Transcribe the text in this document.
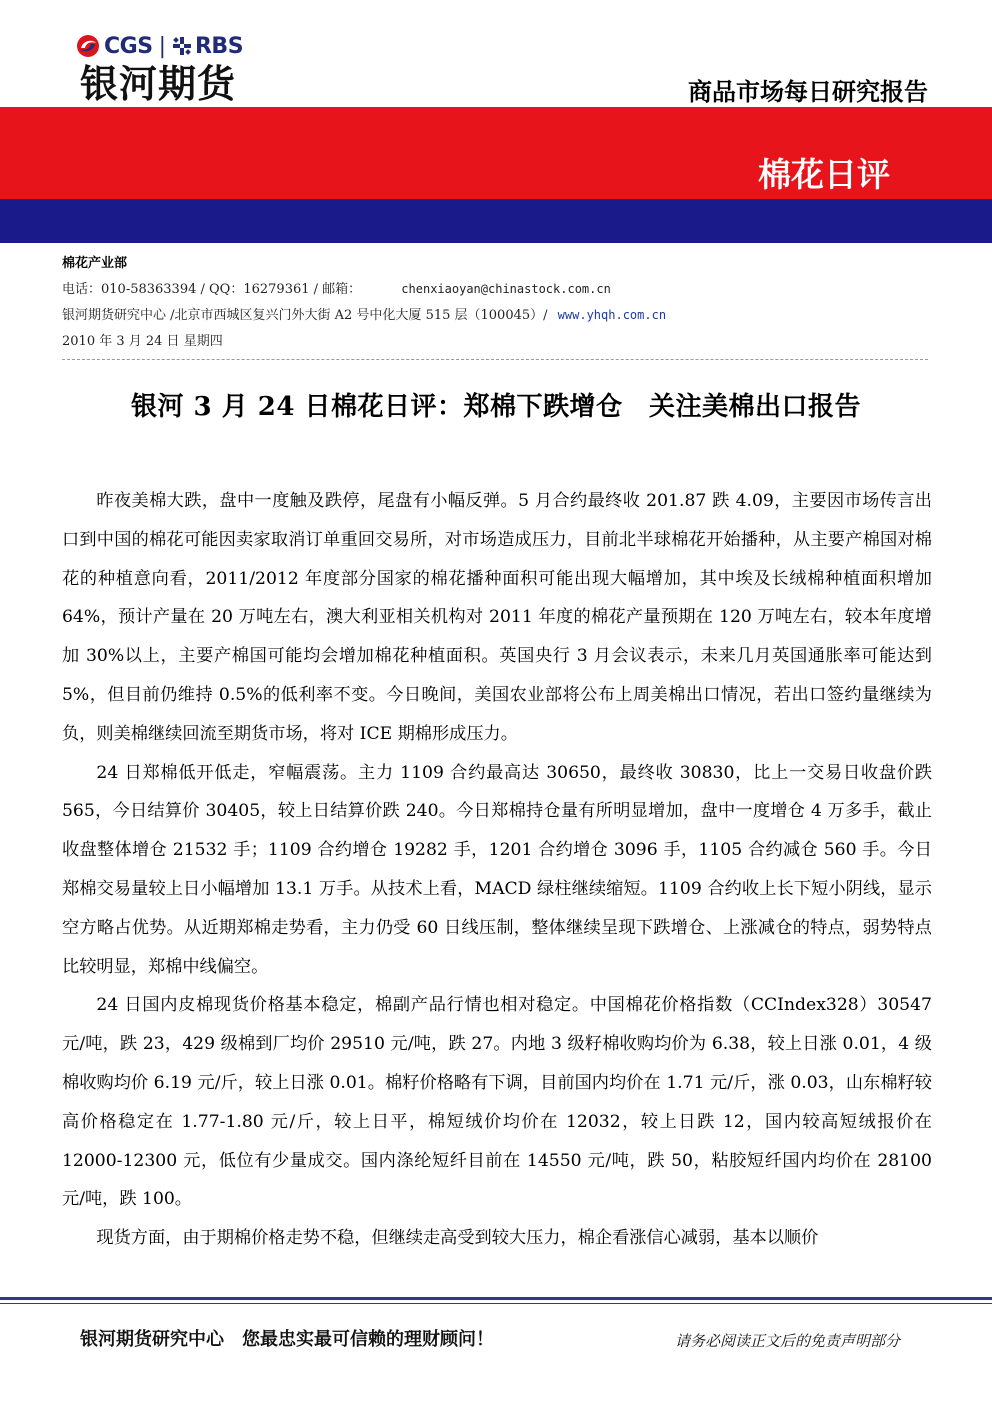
CGS | RBS
银河期货	商品市场每日研究报告
棉花日评
棉花产业部
电话：010-58363394 / QQ：16279361 / 邮箱：	chenxiaoyan@chinastock.com.cn
银河期货研究中心 /北京市西城区复兴门外大街 A2 号中化大厦 515 层（100045）/ www.yhqh.com.cn
2010 年 3 月 24 日 星期四
银河 3 月 24 日棉花日评：郑棉下跌增仓　关注美棉出口报告

昨夜美棉大跌，盘中一度触及跌停，尾盘有小幅反弹。5 月合约最终收 201.87 跌 4.09，主要因市场传言出口到中国的棉花可能因卖家取消订单重回交易所，对市场造成压力，目前北半球棉花开始播种，从主要产棉国对棉花的种植意向看，2011/2012 年度部分国家的棉花播种面积可能出现大幅增加，其中埃及长绒棉种植面积增加 64%，预计产量在 20 万吨左右，澳大利亚相关机构对 2011 年度的棉花产量预期在 120 万吨左右，较本年度增加 30%以上，主要产棉国可能均会增加棉花种植面积。英国央行 3 月会议表示，未来几月英国通胀率可能达到 5%，但目前仍维持 0.5%的低利率不变。今日晚间，美国农业部将公布上周美棉出口情况，若出口签约量继续为负，则美棉继续回流至期货市场，将对 ICE 期棉形成压力。

24 日郑棉低开低走，窄幅震荡。主力 1109 合约最高达 30650，最终收 30830，比上一交易日收盘价跌 565，今日结算价 30405，较上日结算价跌 240。今日郑棉持仓量有所明显增加，盘中一度增仓 4 万多手，截止收盘整体增仓 21532 手；1109 合约增仓 19282 手，1201 合约增仓 3096 手，1105 合约减仓 560 手。今日郑棉交易量较上日小幅增加 13.1 万手。从技术上看，MACD 绿柱继续缩短。1109 合约收上长下短小阴线，显示空方略占优势。从近期郑棉走势看，主力仍受 60 日线压制，整体继续呈现下跌增仓、上涨减仓的特点，弱势特点比较明显，郑棉中线偏空。

24 日国内皮棉现货价格基本稳定，棉副产品行情也相对稳定。中国棉花价格指数（CCIndex328）30547 元/吨，跌 23，429 级棉到厂均价 29510 元/吨，跌 27。内地 3 级籽棉收购均价为 6.38，较上日涨 0.01，4 级棉收购均价 6.19 元/斤，较上日涨 0.01。棉籽价格略有下调，目前国内均价在 1.71 元/斤，涨 0.03，山东棉籽较高价格稳定在 1.77-1.80 元/斤，较上日平，棉短绒价均价在 12032，较上日跌 12，国内较高短绒报价在 12000-12300 元，低位有少量成交。国内涤纶短纤目前在 14550 元/吨，跌 50，粘胶短纤国内均价在 28100 元/吨，跌 100。

现货方面，由于期棉价格走势不稳，但继续走高受到较大压力，棉企看涨信心减弱，基本以顺价

银河期货研究中心　您最忠实最可信赖的理财顾问！	请务必阅读正文后的免责声明部分
